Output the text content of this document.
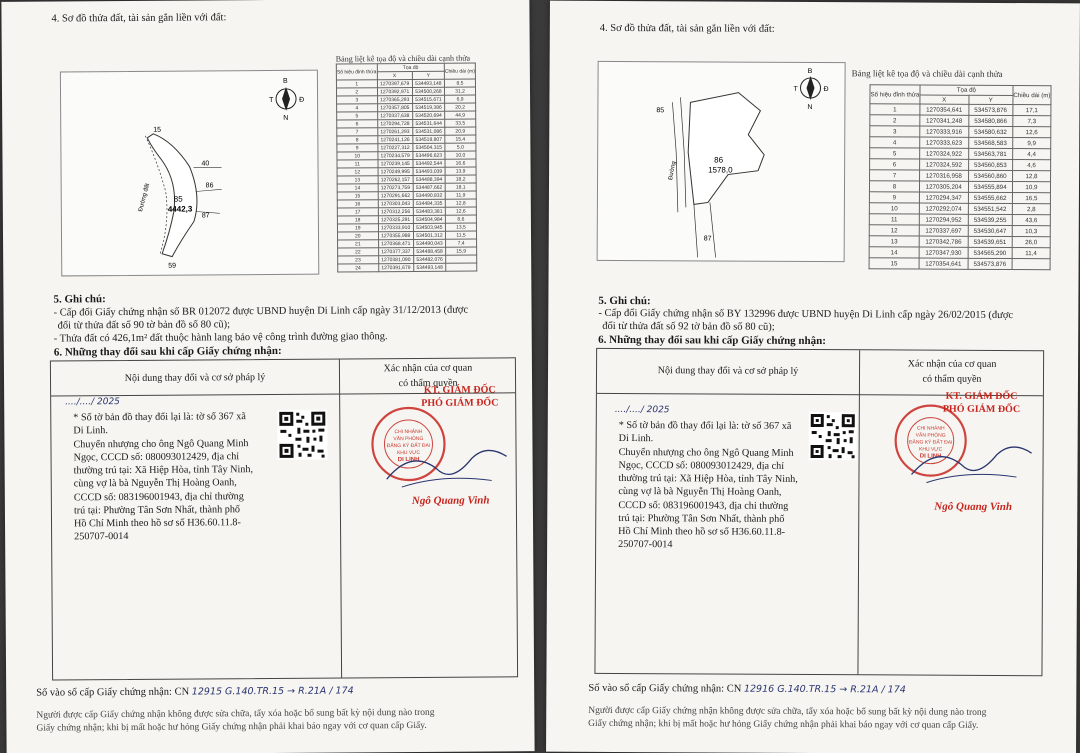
4. Sơ đồ thửa đất, tài sản gắn liền với đất:
B
N
T	Đ
85
4442,3
40
86
87
15
59
Đường đất
Bảng liệt kê tọa độ và chiều dài cạnh thửa
Số hiệu đỉnh thửa	Tọa độ		Chiều dài (m)
	X	Y	
1	1270397,679	534493,148	8,5
2	1270392,971	534500,268	31,2
3	1270365,293	534515,671	6,9
4	1270357,805	534519,386	20,2
5	1270337,638	534520,694	44,9
6	1270294,728	534531,644	33,5
7	1270261,293	534531,086	20,9
8	1270241,126	534518,807	15,4
9	1270227,312	534504,315	5,0
10	1270234,579	534496,623	10,0
11	1270239,145	534492,544	16,6
12	1270249,995	534493,039	13,9
13	1270262,157	534488,394	18,2
14	1270273,759	534487,662	18,1
15	1270291,662	534490,832	11,9
16	1270303,043	534484,335	12,8
17	1270312,256	534483,381	12,6
18	1270325,291	534504,984	8,6
19	1270333,910	534503,945	13,5
20	1270355,988	534501,312	11,5
21	1270368,471	534490,043	7,4
22	1270377,337	534488,458	15,9
23	1270381,090	534482,076	
24	1270391,679	534493,148	
5. Ghi chú:
- Cấp đổi Giấy chứng nhận số BR 012072 được UBND huyện Di Linh cấp ngày 31/12/2013 (được
đổi từ thửa đất số 90 tờ bản đồ số 80 cũ);
- Thửa đất có 426,1m² đất thuộc hành lang bảo vệ công trình đường giao thông.
6. Những thay đổi sau khi cấp Giấy chứng nhận:
Nội dung thay đổi và cơ sở pháp lý
Xác nhận của cơ quan
có thẩm quyền
..../..../ 2025
* Số tờ bản đồ thay đổi lại là: tờ số 367 xã
Di Linh.
Chuyển nhượng cho ông Ngô Quang Minh
Ngọc, CCCD số: 080093012429, địa chỉ
thường trú tại: Xã Hiệp Hòa, tỉnh Tây Ninh,
cùng vợ là bà Nguyễn Thị Hoàng Oanh,
CCCD số: 083196001943, địa chỉ thường
trú tại: Phường Tân Sơn Nhất, thành phố
Hồ Chí Minh theo hồ sơ số H36.60.11.8-
250707-0014
KT. GIÁM ĐỐC
PHÓ GIÁM ĐỐC
CHI NHÁNH
VĂN PHÒNG
ĐĂNG KÝ ĐẤT ĐAI
KHU VỰC
DI LINH
Ngô Quang Vinh
Số vào sổ cấp Giấy chứng nhận: CN 12915 G.140.TR.15 → R.21A / 174
Người được cấp Giấy chứng nhận không được sửa chữa, tẩy xóa hoặc bổ sung bất kỳ nội dung nào trong
Giấy chứng nhận; khi bị mất hoặc hư hỏng Giấy chứng nhận phải khai báo ngay với cơ quan cấp Giấy.
4. Sơ đồ thửa đất, tài sản gắn liền với đất:
B
N
T	Đ
86
1578,0
85
87
Đường
Bảng liệt kê tọa độ và chiều dài cạnh thửa
Số hiệu đỉnh thửa	Tọa độ		Chiều dài (m)
	X	Y	
1	1270354,641	534573,876	17,1
2	1270341,248	534580,866	7,3
3	1270333,916	534580,632	12,6
4	1270333,623	534568,583	9,9
5	1270324,922	534563,781	4,4
6	1270324,592	534560,853	4,6
7	1270316,958	534560,860	12,8
8	1270305,204	534555,894	10,9
9	1270294,347	534555,662	16,5
10	1270292,074	534551,542	2,8
11	1270294,952	534539,255	43,6
12	1270337,697	534530,647	10,3
13	1270342,786	534539,651	26,0
14	1270347,930	534565,290	11,4
15	1270354,641	534573,876	
5. Ghi chú:
- Cấp đổi Giấy chứng nhận số BY 132996 được UBND huyện Di Linh cấp ngày 26/02/2015 (được
đổi từ thửa đất số 92 tờ bản đồ số 80 cũ);
6. Những thay đổi sau khi cấp Giấy chứng nhận:
Nội dung thay đổi và cơ sở pháp lý
Xác nhận của cơ quan
có thẩm quyền
..../..../ 2025
* Số tờ bản đồ thay đổi lại là: tờ số 367 xã
Di Linh.
Chuyển nhượng cho ông Ngô Quang Minh
Ngọc, CCCD số: 080093012429, địa chỉ
thường trú tại: Xã Hiệp Hòa, tỉnh Tây Ninh,
cùng vợ là bà Nguyễn Thị Hoàng Oanh,
CCCD số: 083196001943, địa chỉ thường
trú tại: Phường Tân Sơn Nhất, thành phố
Hồ Chí Minh theo hồ sơ số H36.60.11.8-
250707-0014
KT. GIÁM ĐỐC
PHÓ GIÁM ĐỐC
CHI NHÁNH
VĂN PHÒNG
ĐĂNG KÝ ĐẤT ĐAI
KHU VỰC
DI LINH
Ngô Quang Vinh
Số vào sổ cấp Giấy chứng nhận: CN 12916 G.140.TR.15 → R.21A / 174
Người được cấp Giấy chứng nhận không được sửa chữa, tẩy xóa hoặc bổ sung bất kỳ nội dung nào trong
Giấy chứng nhận; khi bị mất hoặc hư hỏng Giấy chứng nhận phải khai báo ngay với cơ quan cấp Giấy.
